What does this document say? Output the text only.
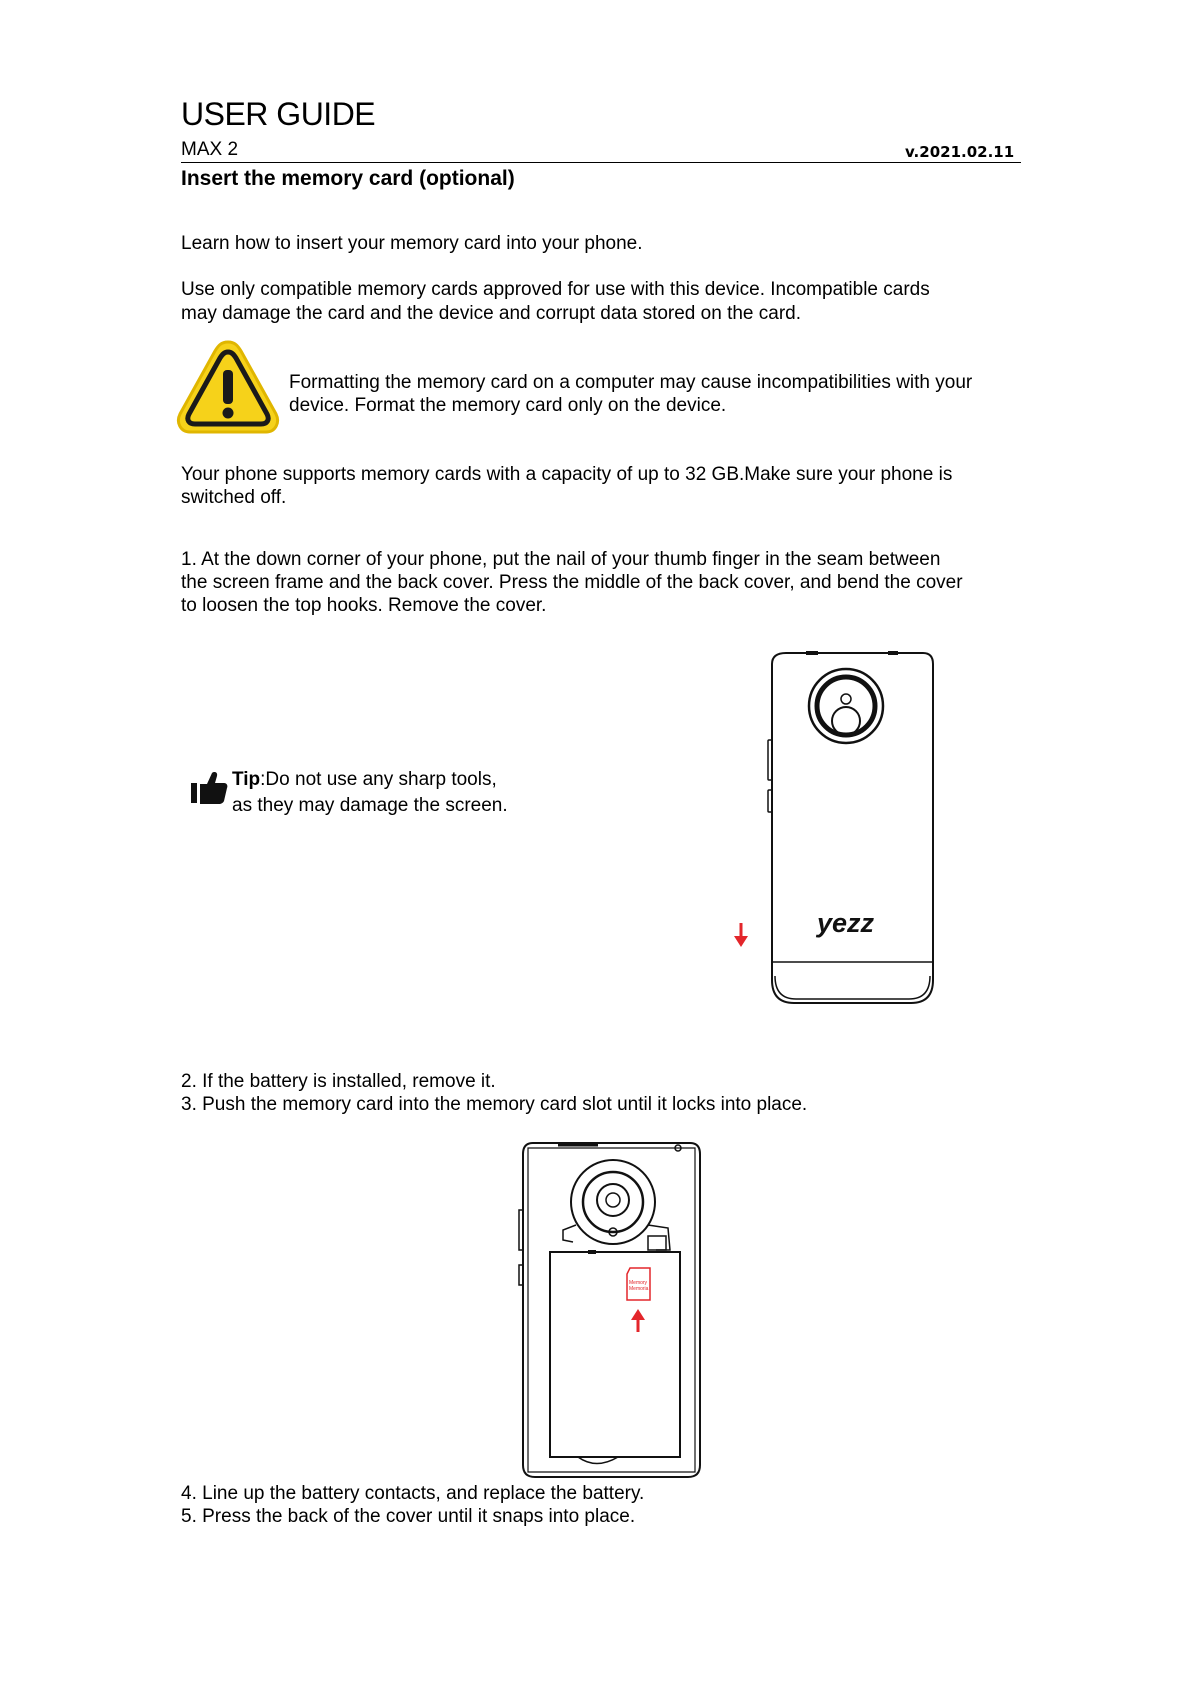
USER GUIDE
MAX 2	v.2021.02.11
Insert the memory card (optional)
Learn how to insert your memory card into your phone.
Use only compatible memory cards approved for use with this device. Incompatible cards
may damage the card and the device and corrupt data stored on the card.
Formatting the memory card on a computer may cause incompatibilities with your
device. Format the memory card only on the device.
Your phone supports memory cards with a capacity of up to 32 GB.Make sure your phone is
switched off.
1. At the down corner of your phone, put the nail of your thumb finger in the seam between
the screen frame and the back cover. Press the middle of the back cover, and bend the cover
to loosen the top hooks. Remove the cover.
Tip:Do not use any sharp tools,
as they may damage the screen.
yezz
2. If the battery is installed, remove it.
3. Push the memory card into the memory card slot until it locks into place.
Memory
Memoria
4. Line up the battery contacts, and replace the battery.
5. Press the back of the cover until it snaps into place.
